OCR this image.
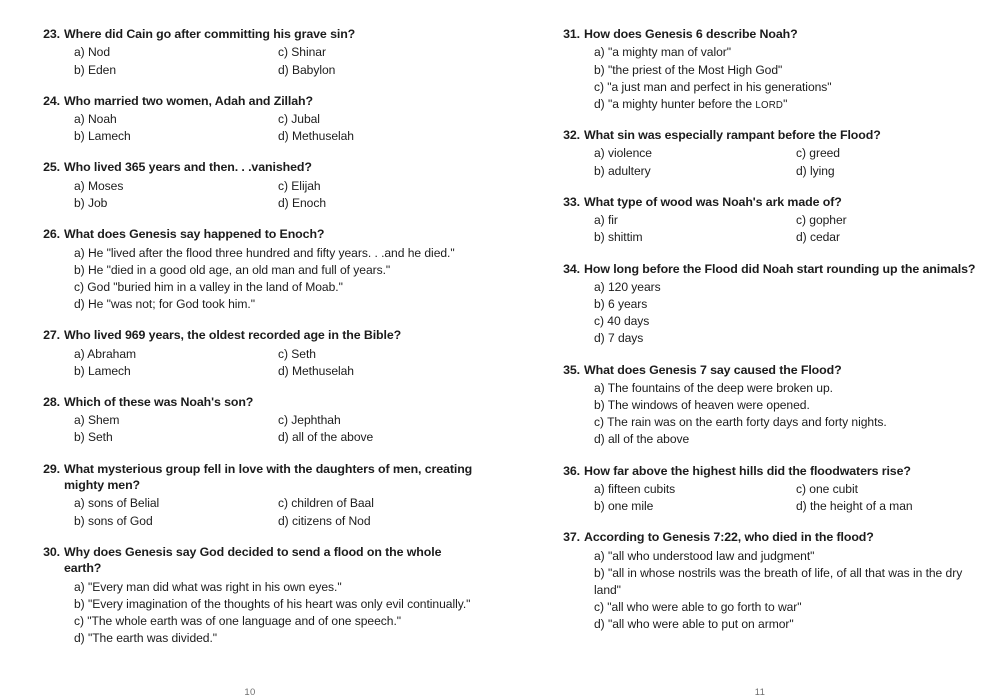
23. Where did Cain go after committing his grave sin?
a) Nod	c) Shinar
b) Eden	d) Babylon
24. Who married two women, Adah and Zillah?
a) Noah	c) Jubal
b) Lamech	d) Methuselah
25. Who lived 365 years and then. . .vanished?
a) Moses	c) Elijah
b) Job	d) Enoch
26. What does Genesis say happened to Enoch?
a) He "lived after the flood three hundred and fifty years. . .and he died."
b) He "died in a good old age, an old man and full of years."
c) God "buried him in a valley in the land of Moab."
d) He "was not; for God took him."
27. Who lived 969 years, the oldest recorded age in the Bible?
a) Abraham	c) Seth
b) Lamech	d) Methuselah
28. Which of these was Noah's son?
a) Shem	c) Jephthah
b) Seth	d) all of the above
29. What mysterious group fell in love with the daughters of men, creating mighty men?
a) sons of Belial	c) children of Baal
b) sons of God	d) citizens of Nod
30. Why does Genesis say God decided to send a flood on the whole earth?
a) "Every man did what was right in his own eyes."
b) "Every imagination of the thoughts of his heart was only evil continually."
c) "The whole earth was of one language and of one speech."
d) "The earth was divided."
10
31. How does Genesis 6 describe Noah?
a) "a mighty man of valor"
b) "the priest of the Most High God"
c) "a just man and perfect in his generations"
d) "a mighty hunter before the LORD"
32. What sin was especially rampant before the Flood?
a) violence	c) greed
b) adultery	d) lying
33. What type of wood was Noah's ark made of?
a) fir	c) gopher
b) shittim	d) cedar
34. How long before the Flood did Noah start rounding up the animals?
a) 120 years
b) 6 years
c) 40 days
d) 7 days
35. What does Genesis 7 say caused the Flood?
a) The fountains of the deep were broken up.
b) The windows of heaven were opened.
c) The rain was on the earth forty days and forty nights.
d) all of the above
36. How far above the highest hills did the floodwaters rise?
a) fifteen cubits	c) one cubit
b) one mile	d) the height of a man
37. According to Genesis 7:22, who died in the flood?
a) "all who understood law and judgment"
b) "all in whose nostrils was the breath of life, of all that was in the dry land"
c) "all who were able to go forth to war"
d) "all who were able to put on armor"
11
